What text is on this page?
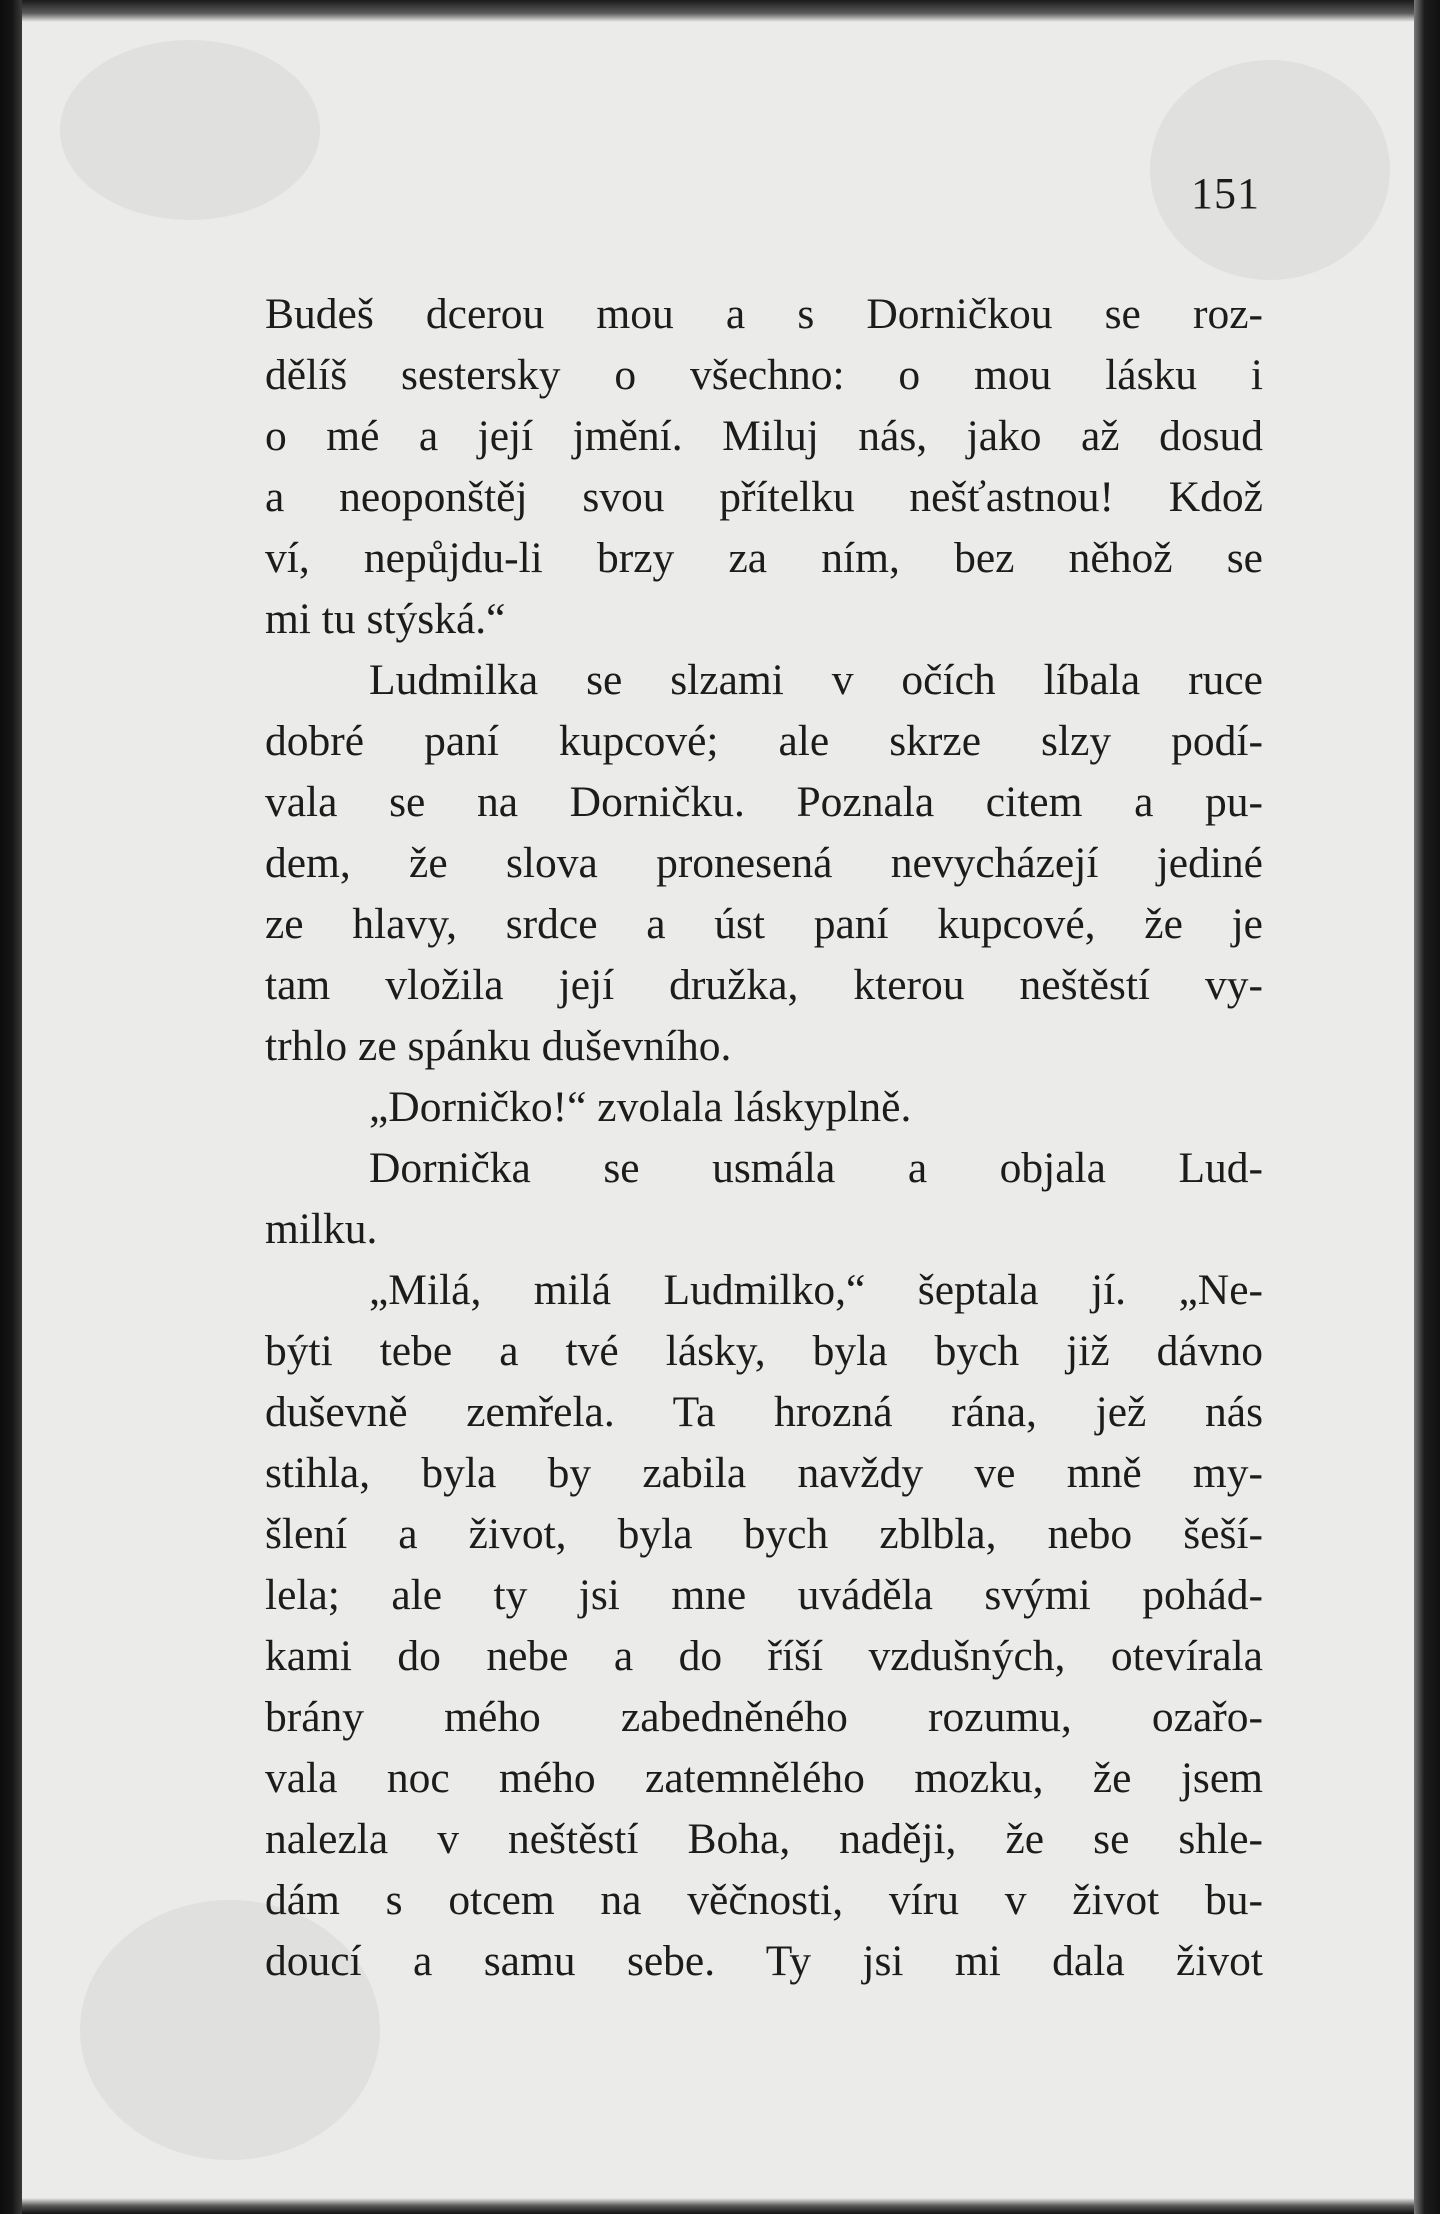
151
Budeš dcerou mou a s Dorničkou se roz-
dělíš sestersky o všechno: o mou lásku i
o mé a její jmění. Miluj nás, jako až dosud
a neoponštěj svou přítelku nešťastnou! Kdož
ví, nepůjdu-li brzy za ním, bez něhož se
mi tu stýská.“
Ludmilka se slzami v očích líbala ruce
dobré paní kupcové; ale skrze slzy podí-
vala se na Dorničku. Poznala citem a pu-
dem, že slova pronesená nevycházejí jediné
ze hlavy, srdce a úst paní kupcové, že je
tam vložila její družka, kterou neštěstí vy-
trhlo ze spánku duševního.
„Dorničko!“ zvolala láskyplně.
Dornička se usmála a objala Lud-
milku.
„Milá, milá Ludmilko,“ šeptala jí. „Ne-
býti tebe a tvé lásky, byla bych již dávno
duševně zemřela. Ta hrozná rána, jež nás
stihla, byla by zabila navždy ve mně my-
šlení a život, byla bych zblbla, nebo šeší-
lela; ale ty jsi mne uváděla svými pohád-
kami do nebe a do říší vzdušných, otevírala
brány mého zabedněného rozumu, ozařo-
vala noc mého zatemnělého mozku, že jsem
nalezla v neštěstí Boha, naději, že se shle-
dám s otcem na věčnosti, víru v život bu-
doucí a samu sebe. Ty jsi mi dala život
